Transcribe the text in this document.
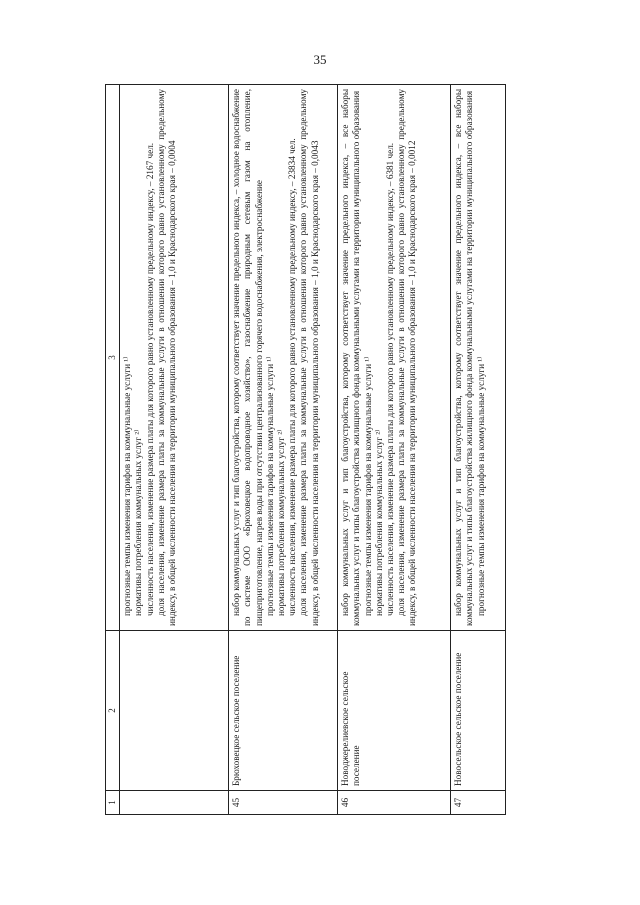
35
1	2	3

		прогнозные темпы изменения тарифов на коммунальные услуги ¹⁾ нормативы потребления коммунальных услуг ²⁾ численность населения, изменение размера платы для которого равно установленному предельному индексу, – 2167 чел. доля населения, изменение размера платы за коммунальные услуги в отношении которого равно установленному предельному индексу, в общей численности населения на территории муниципального образования – 1,0 и Краснодарского края – 0,0004

45	Брюховецкое сельское поселение	набор коммунальных услуг и тип благоустройства, которому соответствует значение предельного индекса, – холодное водоснабжение по системе ООО «Брюховецкое водопроводное хозяйство», газоснабжение природным сетевым газом на отопление, пищеприготовление, нагрев воды при отсутствии централизованного горячего водоснабжения, электроснабжение прогнозные темпы изменения тарифов на коммунальные услуги ¹⁾ нормативы потребления коммунальных услуг ²⁾ численность населения, изменение размера платы для которого равно установленному предельному индексу, – 23834 чел. доля населения, изменение размера платы за коммунальные услуги в отношении которого равно установленному предельному индексу, в общей численности населения на территории муниципального образования – 1,0 и Краснодарского края – 0,0043

46	Новоджерелиевское сельское поселение	набор коммунальных услуг и тип благоустройства, которому соответствует значение предельного индекса, – все наборы коммунальных услуг и типы благоустройства жилищного фонда коммунальными услугами на территории муниципального образования прогнозные темпы изменения тарифов на коммунальные услуги ¹⁾ нормативы потребления коммунальных услуг ²⁾ численность населения, изменение размера платы для которого равно установленному предельному индексу, – 6381 чел. доля населения, изменение размера платы за коммунальные услуги в отношении которого равно установленному предельному индексу, в общей численности населения на территории муниципального образования – 1,0 и Краснодарского края – 0,0012

47	Новосельское сельское поселение	набор коммунальных услуг и тип благоустройства, которому соответствует значение предельного индекса, – все наборы коммунальных услуг и типы благоустройства жилищного фонда коммунальными услугами на территории муниципального образования прогнозные темпы изменения тарифов на коммунальные услуги ¹⁾
